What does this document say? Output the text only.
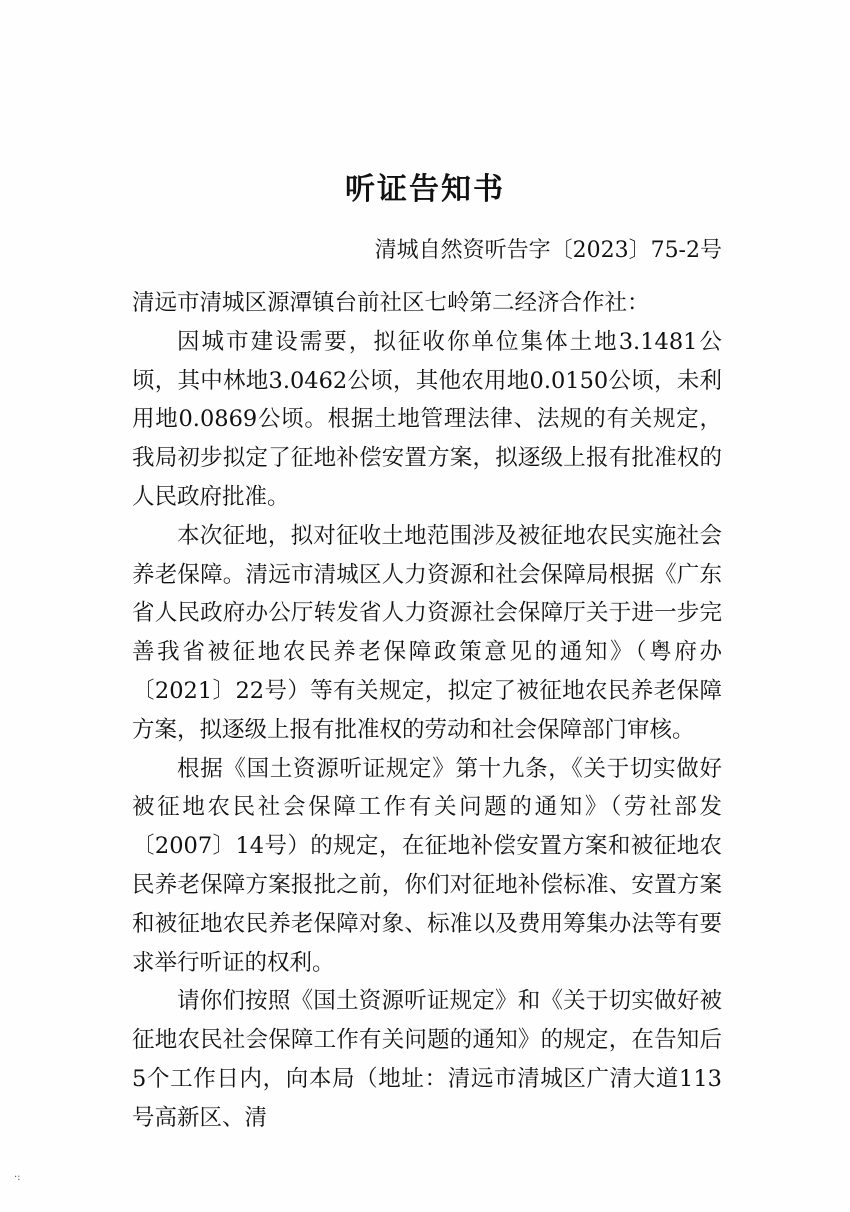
听证告知书
清城自然资听告字〔2023〕75-2号

清远市清城区源潭镇台前社区七岭第二经济合作社：

因城市建设需要，拟征收你单位集体土地3.1481公顷，其中林地3.0462公顷，其他农用地0.0150公顷，未利用地0.0869公顷。根据土地管理法律、法规的有关规定，我局初步拟定了征地补偿安置方案，拟逐级上报有批准权的人民政府批准。

本次征地，拟对征收土地范围涉及被征地农民实施社会养老保障。清远市清城区人力资源和社会保障局根据《广东省人民政府办公厅转发省人力资源社会保障厅关于进一步完善我省被征地农民养老保障政策意见的通知》（粤府办〔2021〕22号）等有关规定，拟定了被征地农民养老保障方案，拟逐级上报有批准权的劳动和社会保障部门审核。

根据《国土资源听证规定》第十九条，《关于切实做好被征地农民社会保障工作有关问题的通知》（劳社部发〔2007〕14号）的规定，在征地补偿安置方案和被征地农民养老保障方案报批之前，你们对征地补偿标准、安置方案和被征地农民养老保障对象、标准以及费用筹集办法等有要求举行听证的权利。

请你们按照《国土资源听证规定》和《关于切实做好被征地农民社会保障工作有关问题的通知》的规定，在告知后5个工作日内，向本局（地址：清远市清城区广清大道113号高新区、清

·:
